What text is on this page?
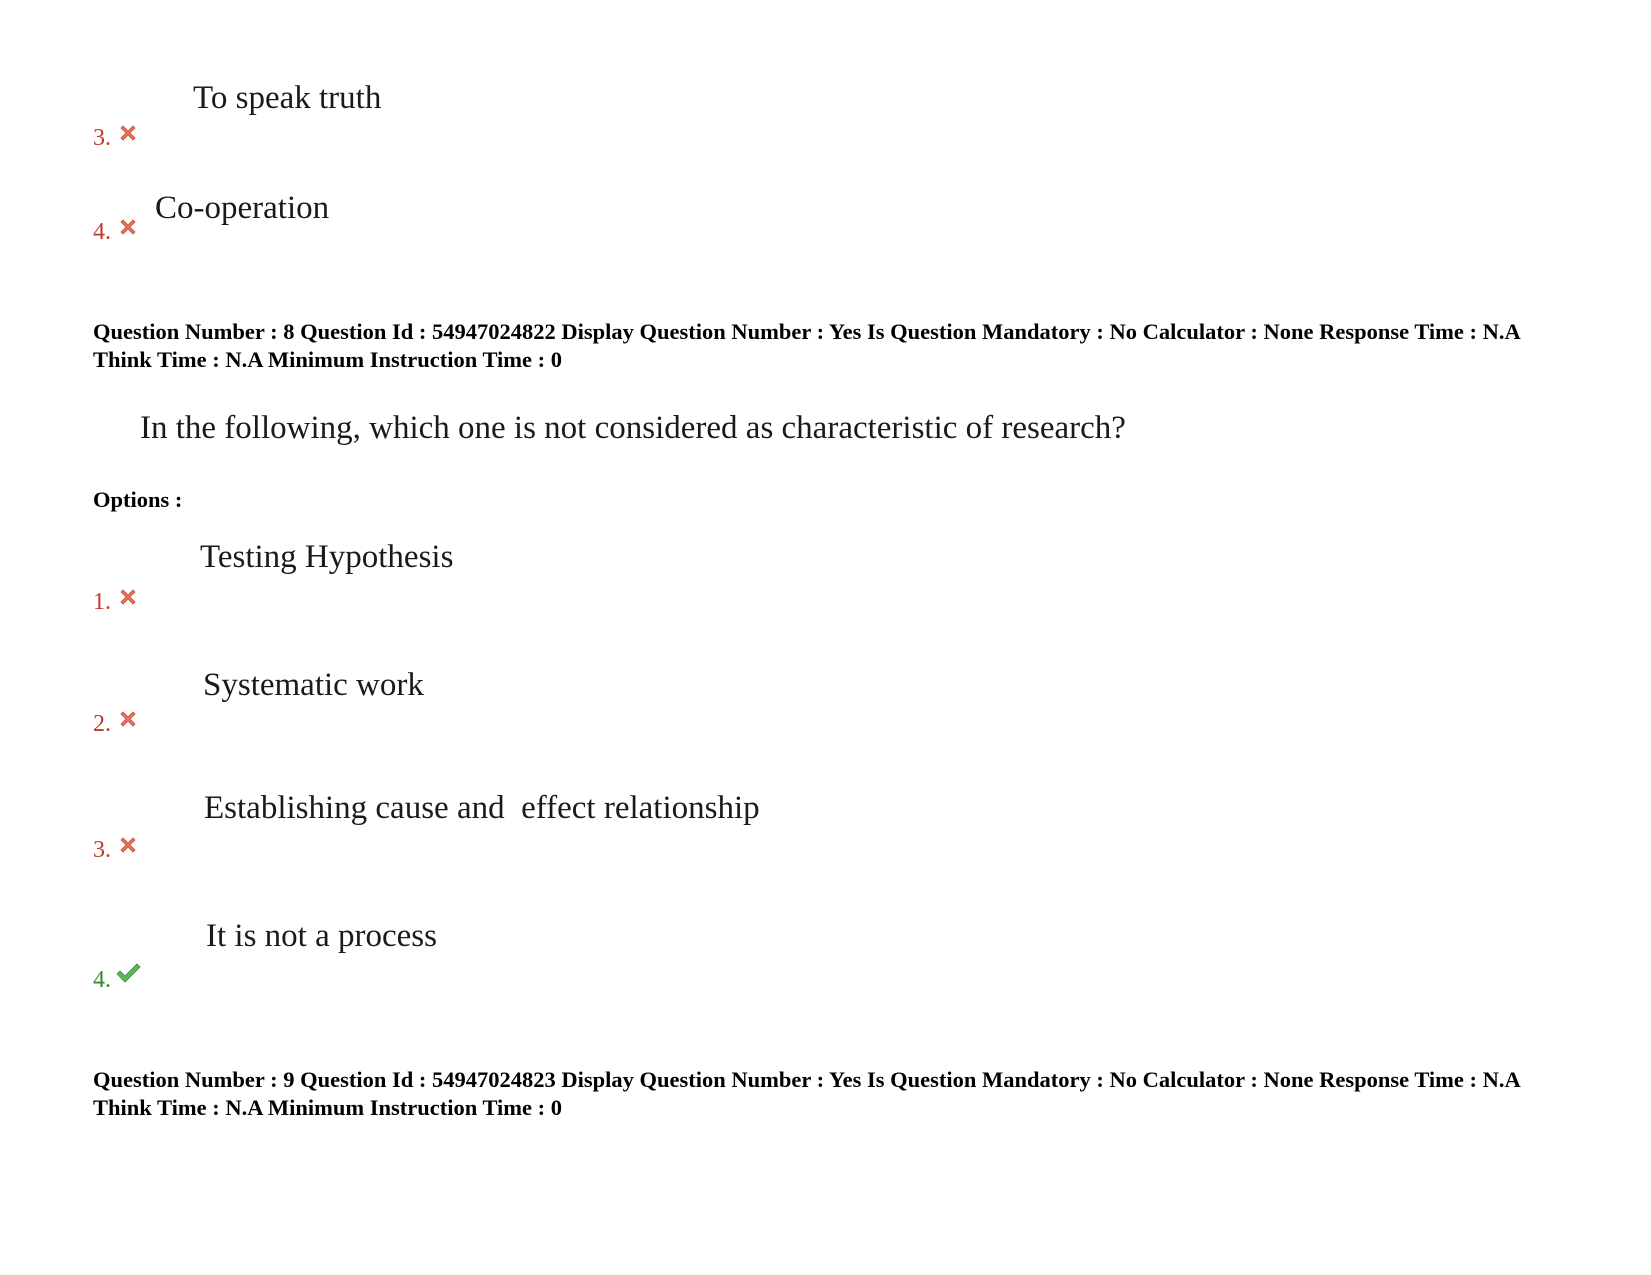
To speak truth
3.
Co-operation
4.
Question Number : 8 Question Id : 54947024822 Display Question Number : Yes Is Question Mandatory : No Calculator : None Response Time : N.A Think Time : N.A Minimum Instruction Time : 0
In the following, which one is not considered as characteristic of research?
Options :
Testing Hypothesis
1.
Systematic work
2.
Establishing cause and  effect relationship
3.
It is not a process
4.
Question Number : 9 Question Id : 54947024823 Display Question Number : Yes Is Question Mandatory : No Calculator : None Response Time : N.A Think Time : N.A Minimum Instruction Time : 0
